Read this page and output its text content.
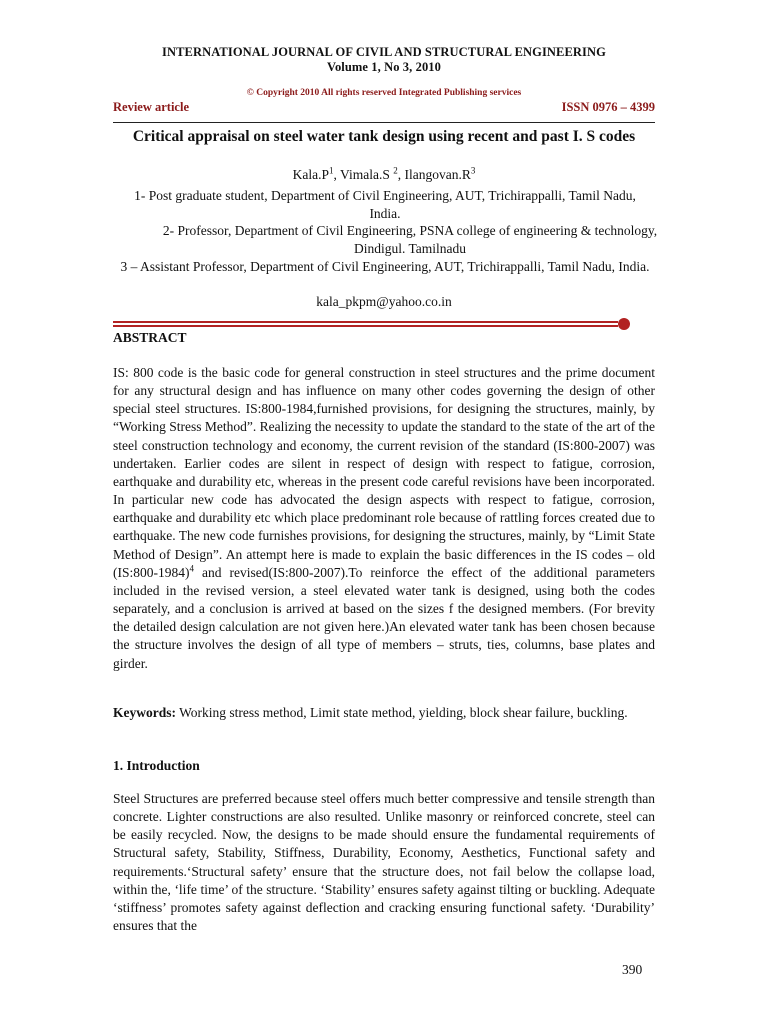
INTERNATIONAL JOURNAL OF CIVIL AND STRUCTURAL ENGINEERING
Volume 1, No 3, 2010
© Copyright 2010 All rights reserved Integrated Publishing services
Review article	ISSN 0976 – 4399
Critical appraisal on steel water tank design using recent and past I. S codes
$Kala.P^1$, Vimala.S $^2$, $Ilangovan.R^3$
1- Post graduate student, Department of Civil Engineering, AUT, Trichirappalli, Tamil Nadu, India.
2- Professor, Department of Civil Engineering, PSNA college of engineering & technology, Dindigul. Tamilnadu
3 – Assistant Professor, Department of Civil Engineering, AUT, Trichirappalli, Tamil Nadu, India.
kala_pkpm@yahoo.co.in
ABSTRACT
IS: 800 code is the basic code for general construction in steel structures and the prime document for any structural design and has influence on many other codes governing the design of other special steel structures. IS:800-1984,furnished provisions, for designing the structures, mainly, by “Working Stress Method”. Realizing the necessity to update the standard to the state of the art of the steel construction technology and economy, the current revision of the standard (IS:800-2007) was undertaken. Earlier codes are silent in respect of design with respect to fatigue, corrosion, earthquake and durability etc, whereas in the present code careful revisions have been incorporated. In particular new code has advocated the design aspects with respect to fatigue, corrosion, earthquake and durability etc which place predominant role because of rattling forces created due to earthquake. The new code furnishes provisions, for designing the structures, mainly, by “Limit State Method of Design”. An attempt here is made to explain the basic differences in the IS codes – old (IS:800-1984)$^4$ and revised(IS:800-2007).To reinforce the effect of the additional parameters included in the revised version, a steel elevated water tank is designed, using both the codes separately, and a conclusion is arrived at based on the sizes f the designed members. (For brevity the detailed design calculation are not given here.)An elevated water tank has been chosen because the structure involves the design of all type of members – struts, ties, columns, base plates and girder.
Keywords: Working stress method, Limit state method, yielding, block shear failure, buckling.
1. Introduction
Steel Structures are preferred because steel offers much better compressive and tensile strength than concrete. Lighter constructions are also resulted. Unlike masonry or reinforced concrete, steel can be easily recycled. Now, the designs to be made should ensure the fundamental requirements of Structural safety, Stability, Stiffness, Durability, Economy, Aesthetics, Functional safety and requirements.‘Structural safety’ ensure that the structure does, not fail below the collapse load, within the, ‘life time’ of the structure. ‘Stability’ ensures safety against tilting or buckling. Adequate ‘stiffness’ promotes safety against deflection and cracking ensuring functional safety. ‘Durability’ ensures that the
390
